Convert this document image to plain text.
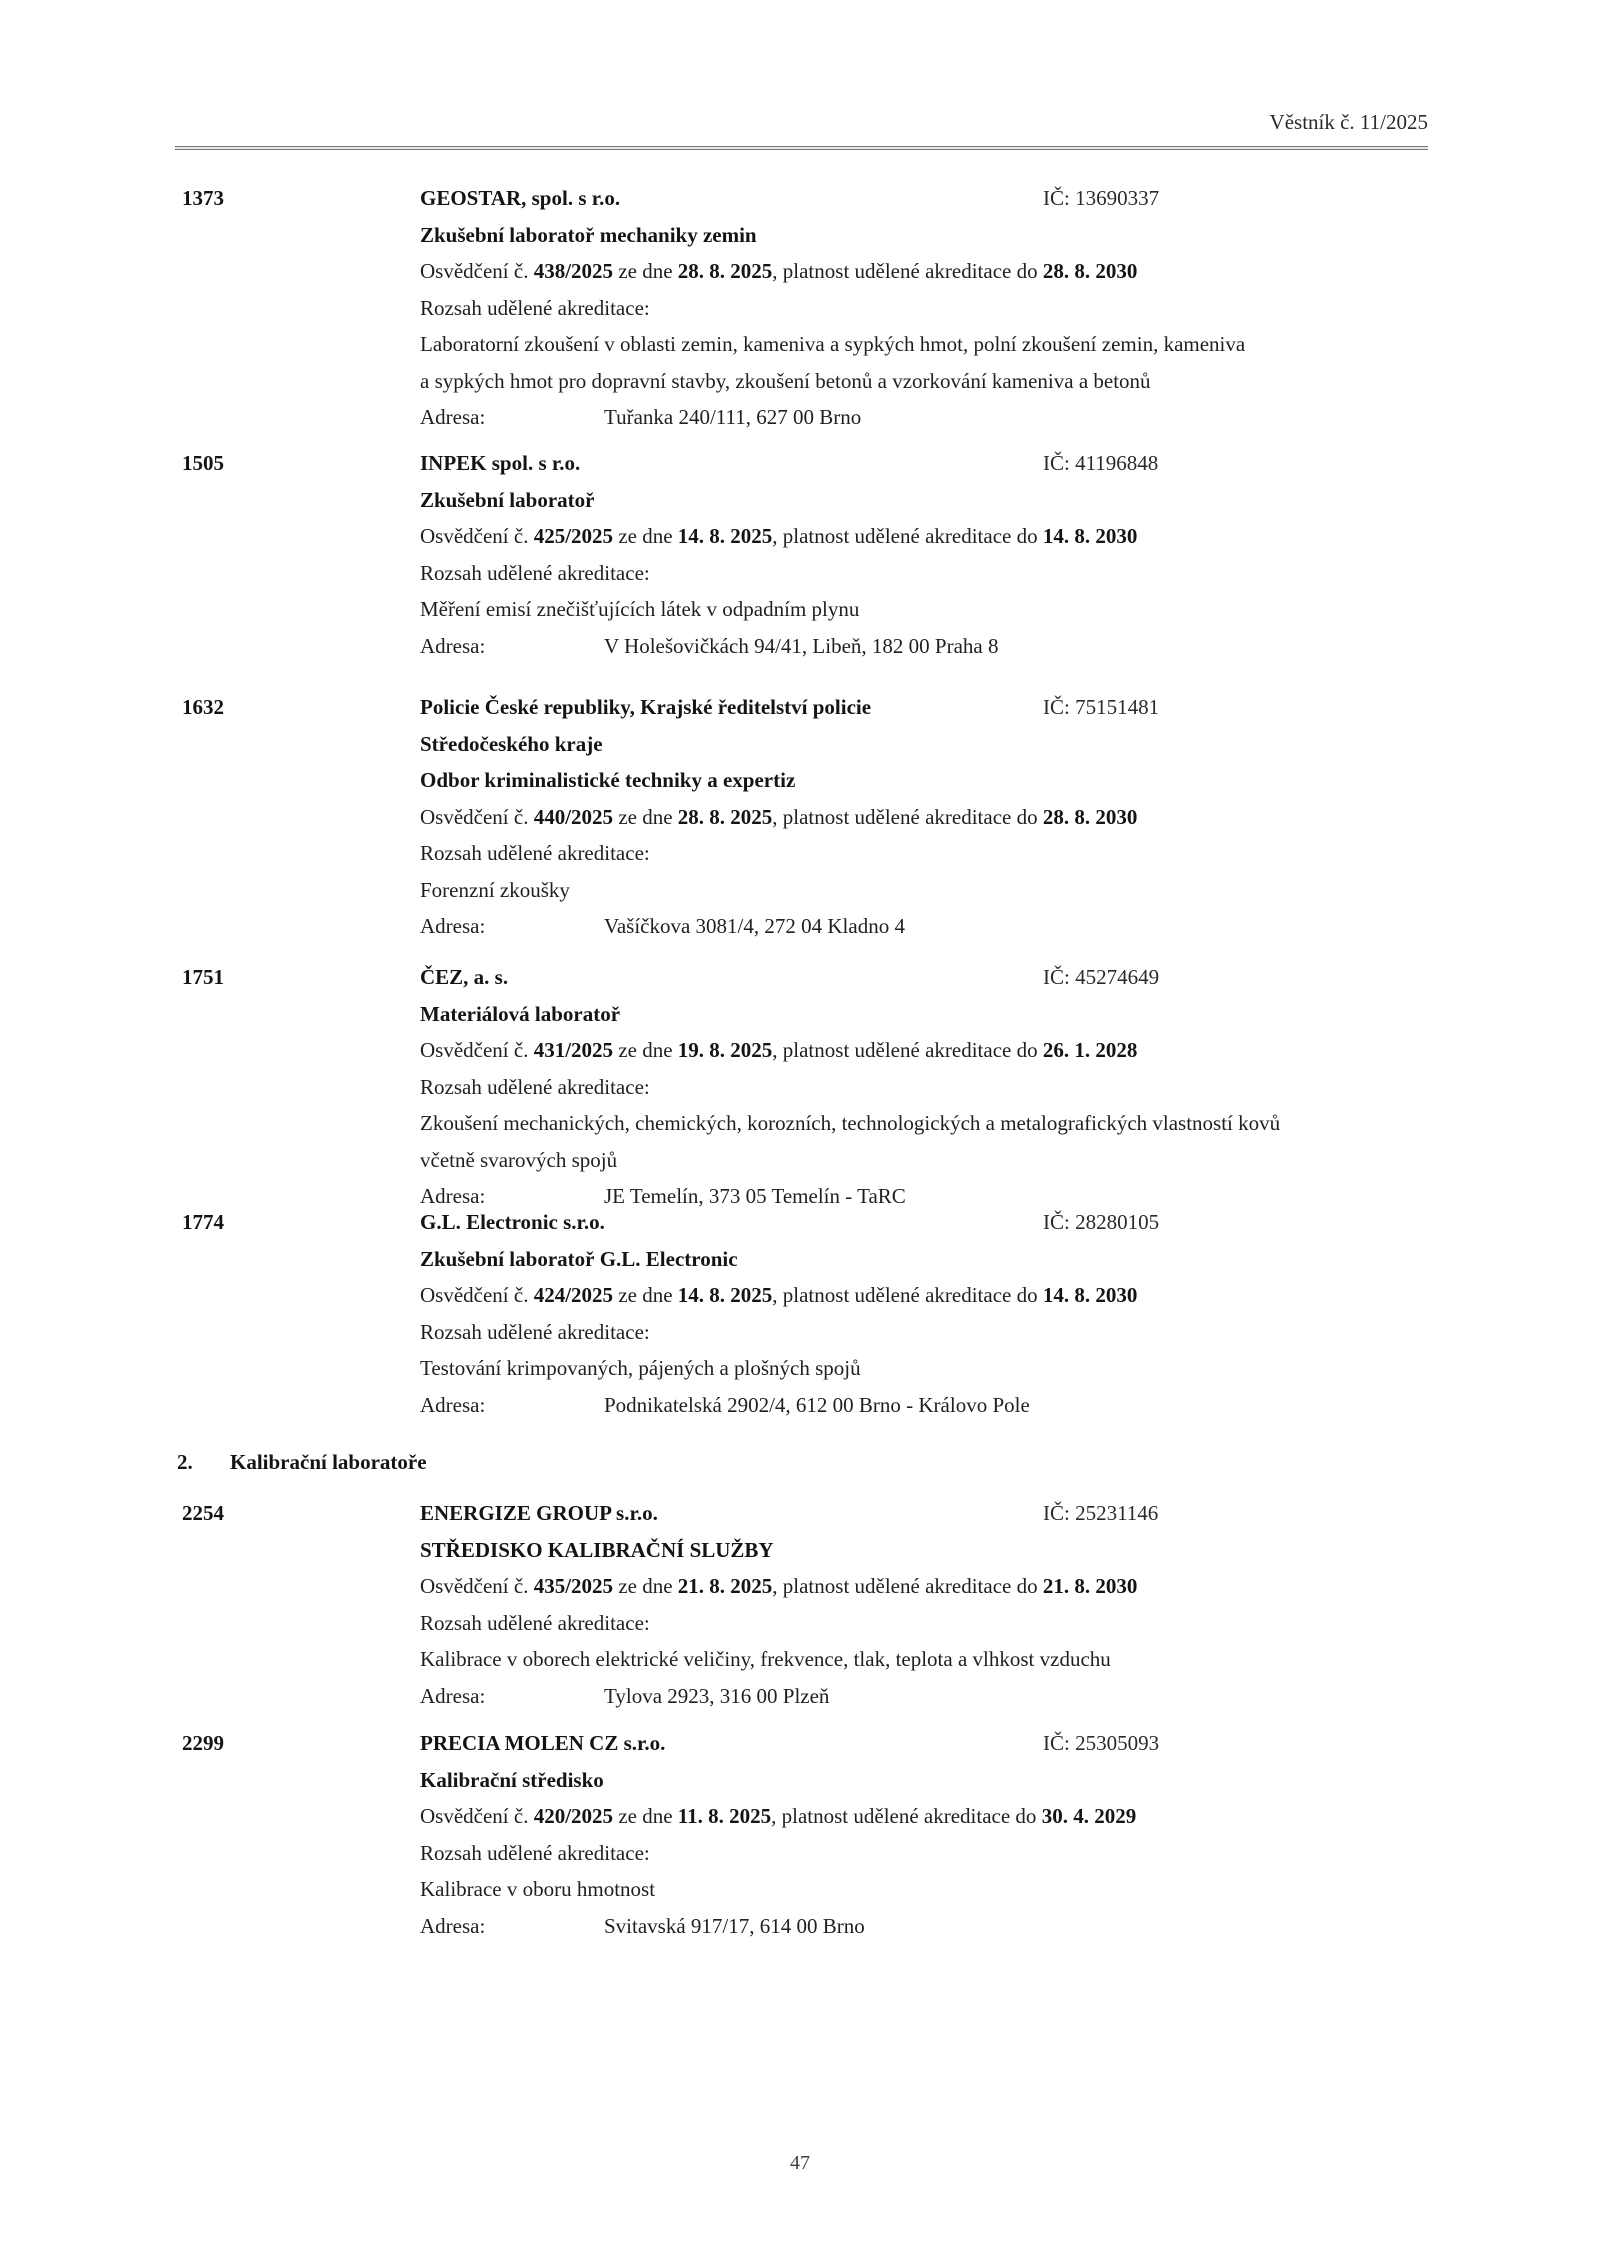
Věstník č. 11/2025
1373	GEOSTAR, spol. s r.o.	IČ: 13690337
Zkušební laboratoř mechaniky zemin
Osvědčení č. 438/2025 ze dne 28. 8. 2025, platnost udělené akreditace do 28. 8. 2030
Rozsah udělené akreditace:
Laboratorní zkoušení v oblasti zemin, kameniva a sypkých hmot, polní zkoušení zemin, kameniva
a sypkých hmot pro dopravní stavby, zkoušení betonů a vzorkování kameniva a betonů
Adresa:	Tuřanka 240/111, 627 00 Brno
1505	INPEK spol. s r.o.	IČ: 41196848
Zkušební laboratoř
Osvědčení č. 425/2025 ze dne 14. 8. 2025, platnost udělené akreditace do 14. 8. 2030
Rozsah udělené akreditace:
Měření emisí znečišťujících látek v odpadním plynu
Adresa:	V Holešovičkách 94/41, Libeň, 182 00 Praha 8
1632	Policie České republiky, Krajské ředitelství policie	IČ: 75151481
Středočeského kraje
Odbor kriminalistické techniky a expertiz
Osvědčení č. 440/2025 ze dne 28. 8. 2025, platnost udělené akreditace do 28. 8. 2030
Rozsah udělené akreditace:
Forenzní zkoušky
Adresa:	Vašíčkova 3081/4, 272 04 Kladno 4
1751	ČEZ, a. s.	IČ: 45274649
Materiálová laboratoř
Osvědčení č. 431/2025 ze dne 19. 8. 2025, platnost udělené akreditace do 26. 1. 2028
Rozsah udělené akreditace:
Zkoušení mechanických, chemických, korozních, technologických a metalografických vlastností kovů
včetně svarových spojů
Adresa:	JE Temelín, 373 05 Temelín - TaRC
1774	G.L. Electronic s.r.o.	IČ: 28280105
Zkušební laboratoř G.L. Electronic
Osvědčení č. 424/2025 ze dne 14. 8. 2025, platnost udělené akreditace do 14. 8. 2030
Rozsah udělené akreditace:
Testování krimpovaných, pájených a plošných spojů
Adresa:	Podnikatelská 2902/4, 612 00 Brno - Královo Pole
2.	Kalibrační laboratoře
2254	ENERGIZE GROUP s.r.o.	IČ: 25231146
STŘEDISKO KALIBRAČNÍ SLUŽBY
Osvědčení č. 435/2025 ze dne 21. 8. 2025, platnost udělené akreditace do 21. 8. 2030
Rozsah udělené akreditace:
Kalibrace v oborech elektrické veličiny, frekvence, tlak, teplota a vlhkost vzduchu
Adresa:	Tylova 2923, 316 00 Plzeň
2299	PRECIA MOLEN CZ s.r.o.	IČ: 25305093
Kalibrační středisko
Osvědčení č. 420/2025 ze dne 11. 8. 2025, platnost udělené akreditace do 30. 4. 2029
Rozsah udělené akreditace:
Kalibrace v oboru hmotnost
Adresa:	Svitavská 917/17, 614 00 Brno
47
